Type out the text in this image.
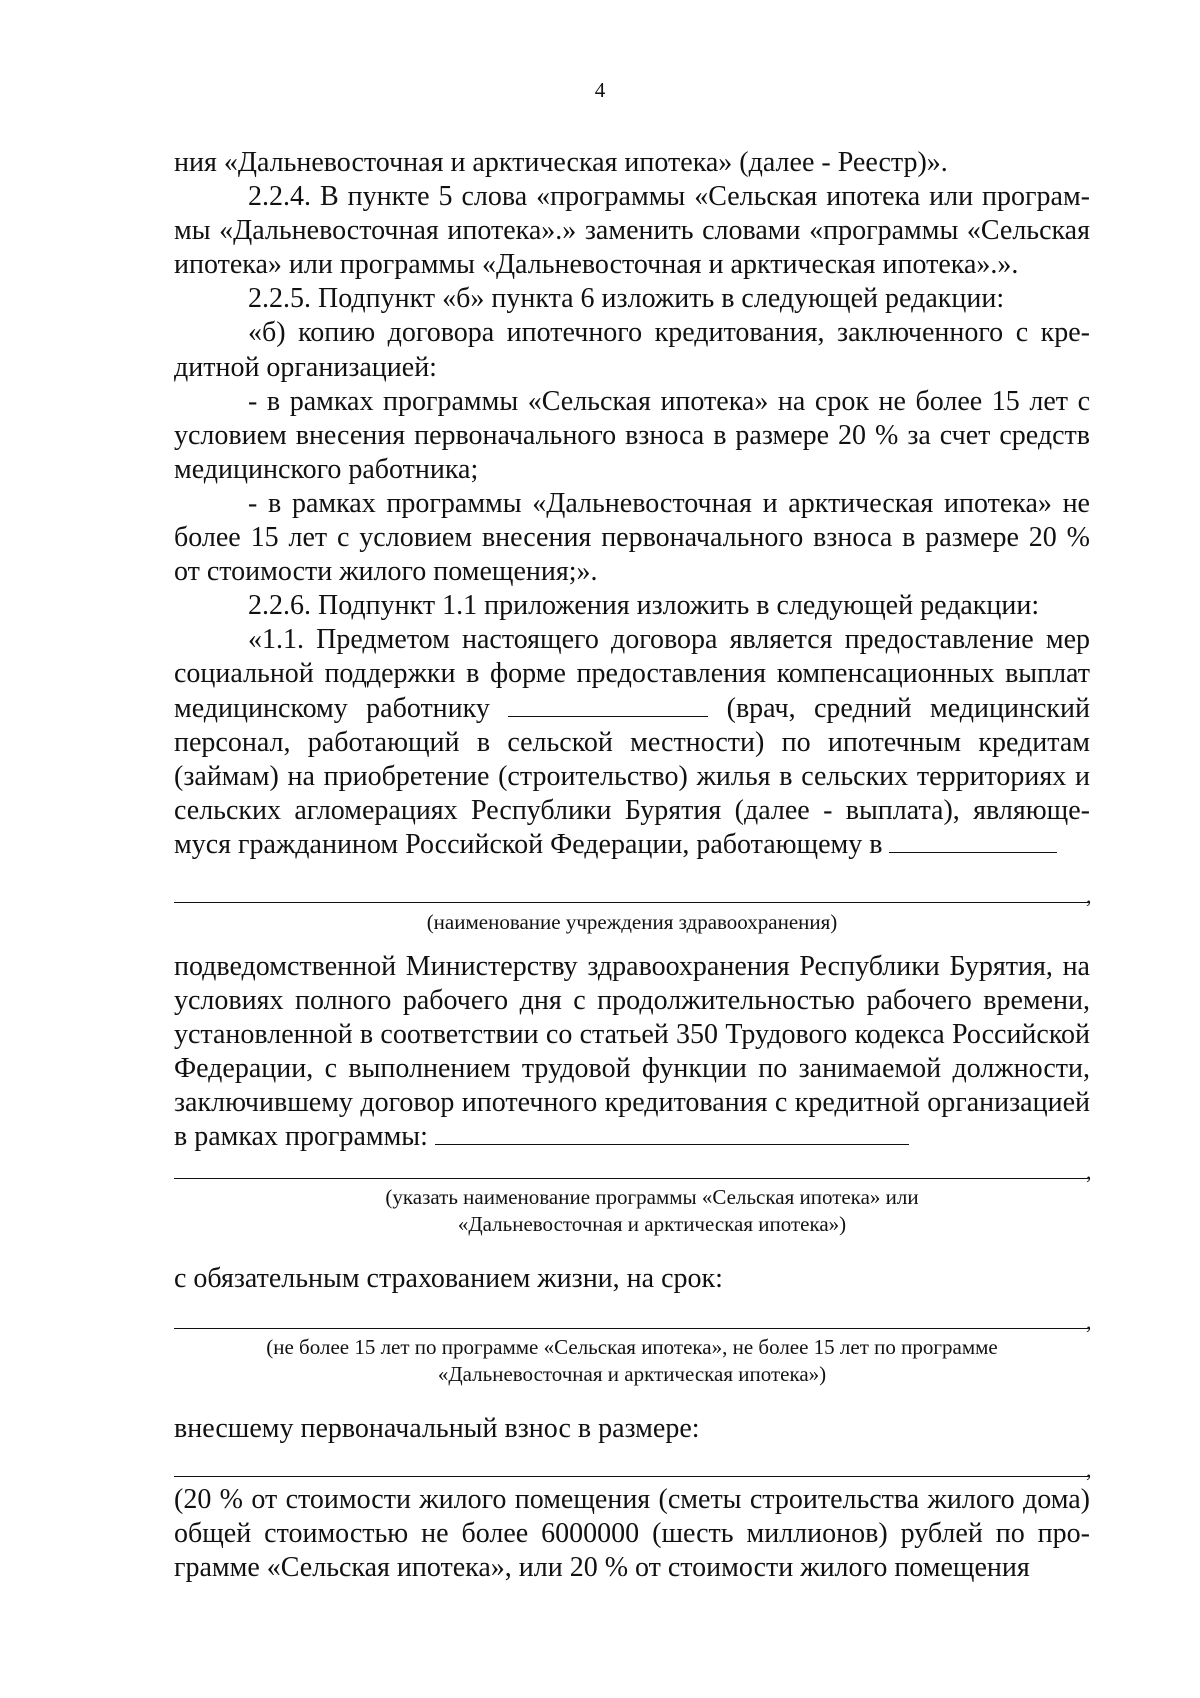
4

ния «Дальневосточная и арктическая ипотека» (далее - Реестр)».

2.2.4. В пункте 5 слова «программы «Сельская ипотека или программы «Дальневосточная ипотека».» заменить словами «программы «Сельская ипотека» или программы «Дальневосточная и арктическая ипотека».».

2.2.5. Подпункт «б» пункта 6 изложить в следующей редакции:

«б) копию договора ипотечного кредитования, заключенного с кредитной организацией:

- в рамках программы «Сельская ипотека» на срок не более 15 лет с условием внесения первоначального взноса в размере 20 % за счет средств медицинского работника;

- в рамках программы «Дальневосточная и арктическая ипотека» не более 15 лет с условием внесения первоначального взноса в размере 20 % от стоимости жилого помещения;».

2.2.6. Подпункт 1.1 приложения изложить в следующей редакции:

«1.1. Предметом настоящего договора является предоставление мер социальной поддержки в форме предоставления компенсационных выплат медицинскому работнику	(врач, средний медицинский персонал, работающий в сельской местности) по ипотечным кредитам (займам) на приобретение (строительство) жилья в сельских территориях и сельских агломерациях Республики Бурятия (далее - выплата), являющемуся гражданином Российской Федерации, работающему в

,
(наименование учреждения здравоохранения)
подведомственной Министерству здравоохранения Республики Бурятия, на условиях полного рабочего дня с продолжительностью рабочего времени, установленной в соответствии со статьей 350 Трудового кодекса Российской Федерации, с выполнением трудовой функции по занимаемой должности, заключившему договор ипотечного кредитования с кредитной организацией в рамках программы:
,
(указать наименование программы «Сельская ипотека» или
«Дальневосточная и арктическая ипотека»)
с обязательным страхованием жизни, на срок:
,
(не более 15 лет по программе «Сельская ипотека», не более 15 лет по программе
«Дальневосточная и арктическая ипотека»)
внесшему первоначальный взнос в размере:
,
(20 % от стоимости жилого помещения (сметы строительства жилого дома) общей стоимостью не более 6000000 (шесть миллионов) рублей по программе «Сельская ипотека», или 20 % от стоимости жилого помещения
